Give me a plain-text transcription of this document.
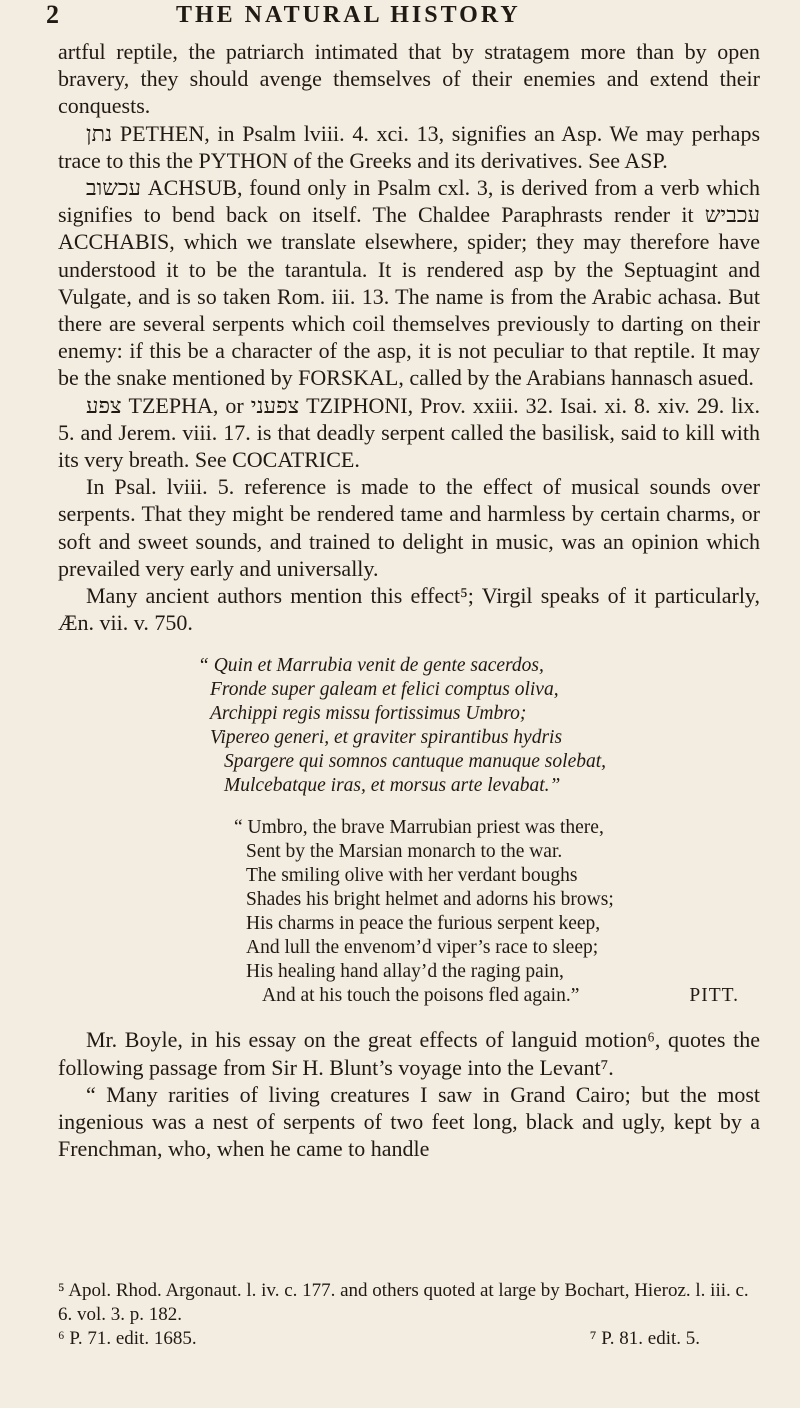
2	THE NATURAL HISTORY

artful reptile, the patriarch intimated that by stratagem more than by open bravery, they should avenge themselves of their enemies and extend their conquests.

נתן PETHEN, in Psalm lviii. 4. xci. 13, signifies an Asp. We may perhaps trace to this the PYTHON of the Greeks and its derivatives. See ASP.

עכשוב ACHSUB, found only in Psalm cxl. 3, is derived from a verb which signifies to bend back on itself. The Chaldee Paraphrasts render it עכביש ACCHABIS, which we translate elsewhere, spider; they may therefore have understood it to be the tarantula. It is rendered asp by the Septuagint and Vulgate, and is so taken Rom. iii. 13. The name is from the Arabic achasa. But there are several serpents which coil themselves previously to darting on their enemy: if this be a character of the asp, it is not peculiar to that reptile. It may be the snake mentioned by FORSKAL, called by the Arabians hannasch asued.

צפע TZEPHA, or צפעני TZIPHONI, Prov. xxiii. 32. Isai. xi. 8. xiv. 29. lix. 5. and Jerem. viii. 17. is that deadly serpent called the basilisk, said to kill with its very breath. See COCATRICE.

In Psal. lviii. 5. reference is made to the effect of musical sounds over serpents. That they might be rendered tame and harmless by certain charms, or soft and sweet sounds, and trained to delight in music, was an opinion which prevailed very early and universally.

Many ancient authors mention this effect⁵; Virgil speaks of it particularly, Æn. vii. v. 750.

“ Quin et Marrubia venit de gente sacerdos,
Fronde super galeam et felici comptus oliva,
Archippi regis missu fortissimus Umbro;
Vipereo generi, et graviter spirantibus hydris
Spargere qui somnos cantuque manuque solebat,
Mulcebatque iras, et morsus arte levabat.”
“ Umbro, the brave Marrubian priest was there,
Sent by the Marsian monarch to the war.
The smiling olive with her verdant boughs
Shades his bright helmet and adorns his brows;
His charms in peace the furious serpent keep,
And lull the envenom’d viper’s race to sleep;
His healing hand allay’d the raging pain,
And at his touch the poisons fled again.”	PITT.

Mr. Boyle, in his essay on the great effects of languid motion⁶, quotes the following passage from Sir H. Blunt’s voyage into the Levant⁷.

“ Many rarities of living creatures I saw in Grand Cairo; but the most ingenious was a nest of serpents of two feet long, black and ugly, kept by a Frenchman, who, when he came to handle

⁵ Apol. Rhod. Argonaut. l. iv. c. 177. and others quoted at large by Bochart, Hieroz. l. iii. c. 6. vol. 3. p. 182.
⁶ P. 71. edit. 1685.	⁷ P. 81. edit. 5.
